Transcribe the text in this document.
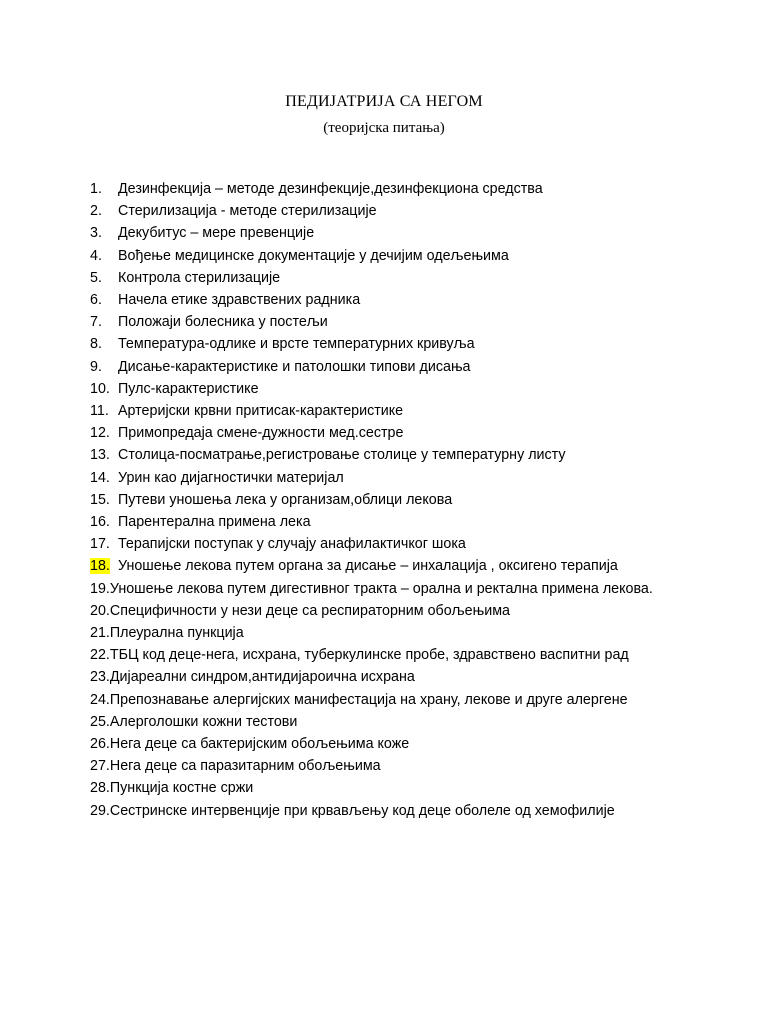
ПЕДИЈАТРИЈА СА НЕГОМ
(теоријска питања)
1.	Дезинфекција – методе дезинфекције,дезинфекциона средства
2.	Стерилизација - методе стерилизације
3.	Декубитус – мере превенције
4.	Вођење медицинске документације у дечијим одељењима
5.	Контрола стерилизације
6.	Начела етике здравствених радника
7.	Положаји болесника у постељи
8.	Температура-одлике и врсте температурних кривуља
9.	Дисање-карактеристике и патолошки типови дисања
10. Пулс-карактеристике
11. Артеријски крвни притисак-карактеристике
12. Примопредаја смене-дужности мед.сестре
13. Столица-посматрање,регистровање столице у температурну листу
14. Урин као дијагностички материјал
15. Путеви уношења лека у организам,облици лекова
16. Парентерална примена лека
17. Терапијски поступак у случају анафилактичког шока
18. Уношење лекова путем органа за дисање – инхалација , оксигено терапија
19.Уношење лекова путем дигестивног тракта – орална и ректална примена лекова.
20.Специфичности у нези деце са респираторним обољењима
21.Плеурална пункција
22.ТБЦ код деце-нега, исхрана, туберкулинске пробе, здравствено васпитни рад
23.Дијареални синдром,антидијароична исхрана
24.Препознавање алергијских манифестација на храну, лекове и друге алергене
25.Алерголошки кожни тестови
26.Нега деце са бактеријским обољењима коже
27.Нега деце са паразитарним обољењима
28.Пункција костне сржи
29.Сестринске интервенције при крвављењу код деце оболеле од хемофилије
